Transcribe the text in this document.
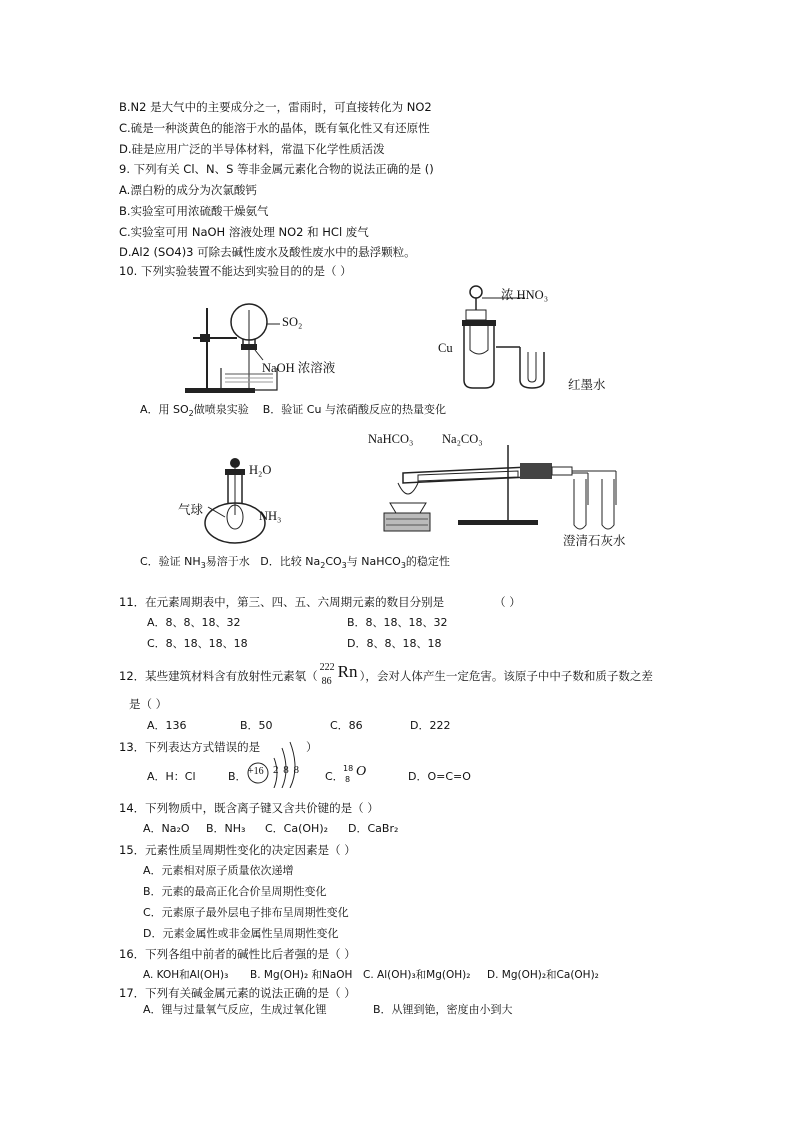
B.N2 是大气中的主要成分之一，雷雨时，可直接转化为 NO2
C.硫是一种淡黄色的能溶于水的晶体，既有氧化性又有还原性
D.硅是应用广泛的半导体材料，常温下化学性质活泼
9. 下列有关 Cl、N、S 等非金属元素化合物的说法正确的是 ()
A.漂白粉的成分为次氯酸钙
B.实验室可用浓硫酸干燥氨气
C.实验室可用 NaOH 溶液处理 NO2 和 HCl 废气
D.Al2 (SO4)3 可除去碱性废水及酸性废水中的悬浮颗粒。
10. 下列实验装置不能达到实验目的的是（ ）
SO₂
NaOH 浓溶液
浓 HNO₃
Cu
红墨水
A．用 $SO_2$做喷泉实验 B．验证 Cu 与浓硝酸反应的热量变化
H₂O
NH₃
气球
NaHCO₃ Na₂CO₃
澄清石灰水
C．验证 $NH_3$易溶于水 D．比较 $Na_2CO_3$与 NaHCO$_3$的稳定性
11．在元素周期表中，第三、四、五、六周期元素的数目分别是	（ ）
A．8、8、18、32	B．8、18、18、32
C．8、18、18、18	D．8、8、18、18
12．某些建筑材料含有放射性元素氡（
222
86
Rn ），会对人体产生一定危害。该原子中中子数和质子数之差
是（ ）
A．136	B．50	C．86	D．222
13．下列表达方式错误的是	）
A．H：Cl	B． +16 2 8 8 C．
18
8
O	D．O=C=O
14．下列物质中，既含离子键又含共价键的是（ ）
A．Na₂O B．NH₃ C．Ca(OH)₂ D．CaBr₂
15．元素性质呈周期性变化的决定因素是（ ）
A．元素相对原子质量依次递增
B．元素的最高正化合价呈周期性变化
C．元素原子最外层电子排布呈周期性变化
D．元素金属性或非金属性呈周期性变化
16．下列各组中前者的碱性比后者强的是（ ）
A. KOH和Al(OH)₃ B. Mg(OH)₂ 和NaOH C. Al(OH)₃和Mg(OH)₂ D. Mg(OH)₂和Ca(OH)₂
17．下列有关碱金属元素的说法正确的是（ ）
A．锂与过量氧气反应，生成过氧化锂	B．从锂到铯，密度由小到大
